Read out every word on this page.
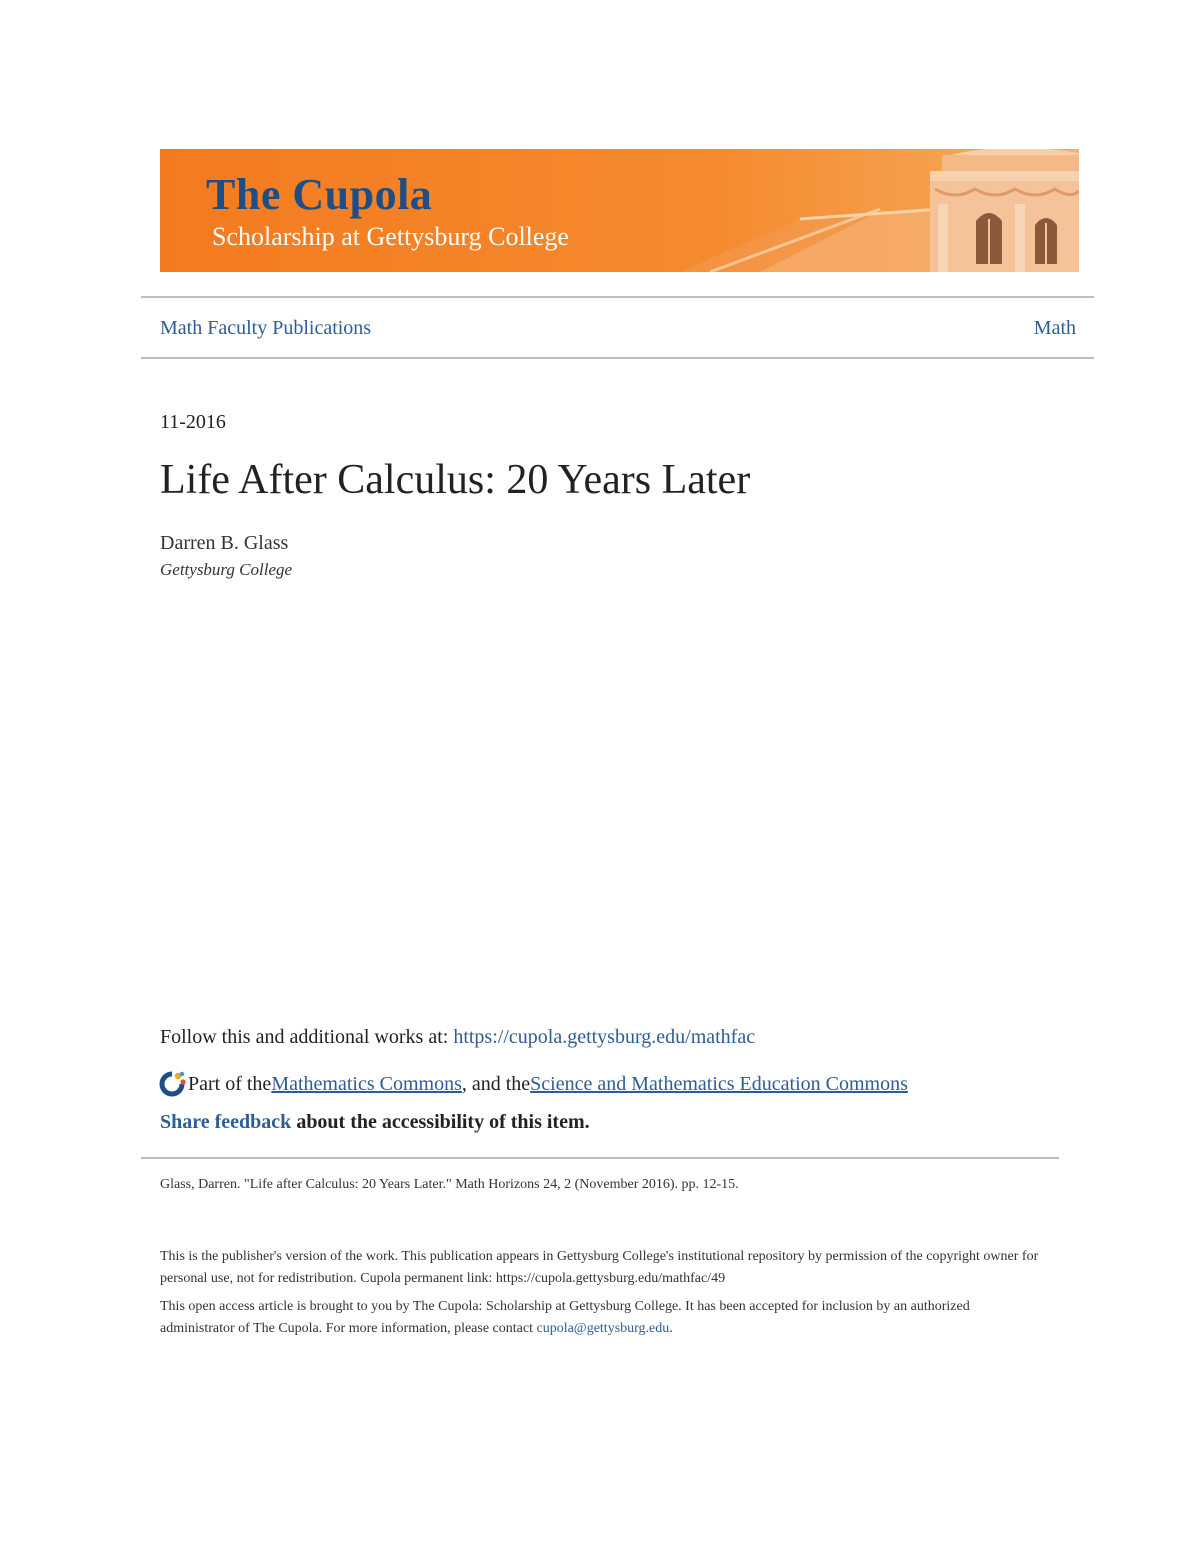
The Cupola
Scholarship at Gettysburg College
Math Faculty Publications	Math
11-2016
Life After Calculus: 20 Years Later
Darren B. Glass
Gettysburg College
Follow this and additional works at: https://cupola.gettysburg.edu/mathfac
Part of the Mathematics Commons , and the Science and Mathematics Education Commons
Share feedback about the accessibility of this item.
Glass, Darren. "Life after Calculus: 20 Years Later." Math Horizons 24, 2 (November 2016). pp. 12-15.
This is the publisher's version of the work. This publication appears in Gettysburg College's institutional repository by permission of the copyright owner for personal use, not for redistribution. Cupola permanent link: https://cupola.gettysburg.edu/mathfac/49
This open access article is brought to you by The Cupola: Scholarship at Gettysburg College. It has been accepted for inclusion by an authorized administrator of The Cupola. For more information, please contact cupola@gettysburg.edu.
